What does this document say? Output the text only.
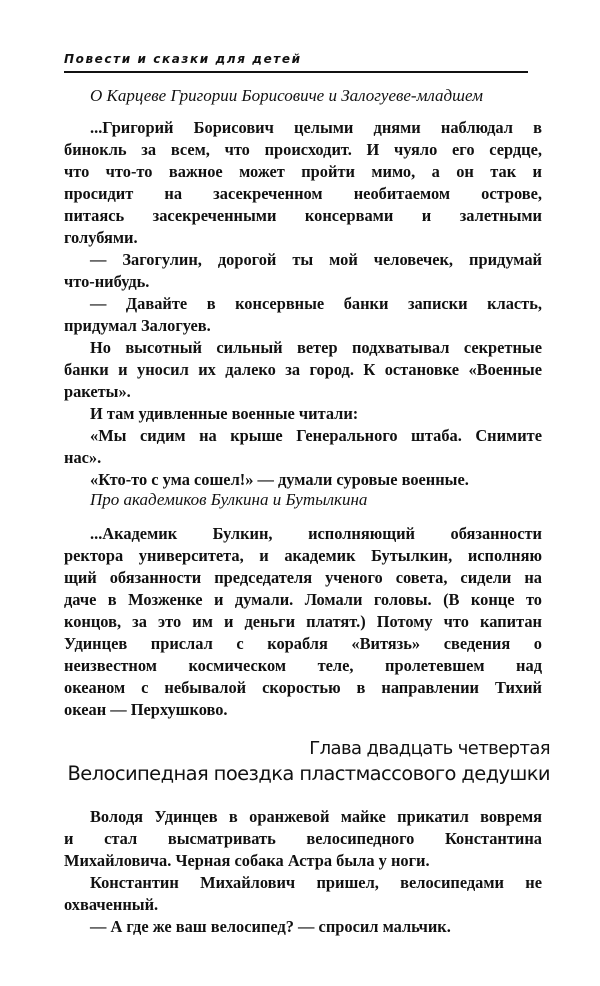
Повести и сказки для детей
О Карцеве Григории Борисовиче и Залогуеве-младшем
...Григорий Борисович целыми днями наблюдал в
бинокль за всем, что происходит. И чуяло его сердце,
что что-то важное может пройти мимо, а он так и
просидит на засекреченном необитаемом острове,
питаясь засекреченными консервами и залетными
голубями.
— Загогулин, дорогой ты мой человечек, придумай
что-нибудь.
— Давайте в консервные банки записки класть,
придумал Залогуев.
Но высотный сильный ветер подхватывал секретные
банки и уносил их далеко за город. К остановке «Военные
ракеты».
И там удивленные военные читали:
«Мы сидим на крыше Генерального штаба. Снимите
нас».
«Кто-то с ума сошел!» — думали суровые военные.
Про академиков Булкина и Бутылкина
...Академик Булкин, исполняющий обязанности
ректора университета, и академик Бутылкин, исполняю
щий обязанности председателя ученого совета, сидели на
даче в Мозженке и думали. Ломали головы. (В конце то
концов, за это им и деньги платят.) Потому что капитан
Удинцев прислал с корабля «Витязь» сведения о
неизвестном космическом теле, пролетевшем над
океаном с небывалой скоростью в направлении Тихий
океан — Перхушково.
Глава двадцать четвертая
Велосипедная поездка пластмассового дедушки
Володя Удинцев в оранжевой майке прикатил вовремя
и стал высматривать велосипедного Константина
Михайловича. Черная собака Астра была у ноги.
Константин Михайлович пришел, велосипедами не
охваченный.
— А где же ваш велосипед? — спросил мальчик.
